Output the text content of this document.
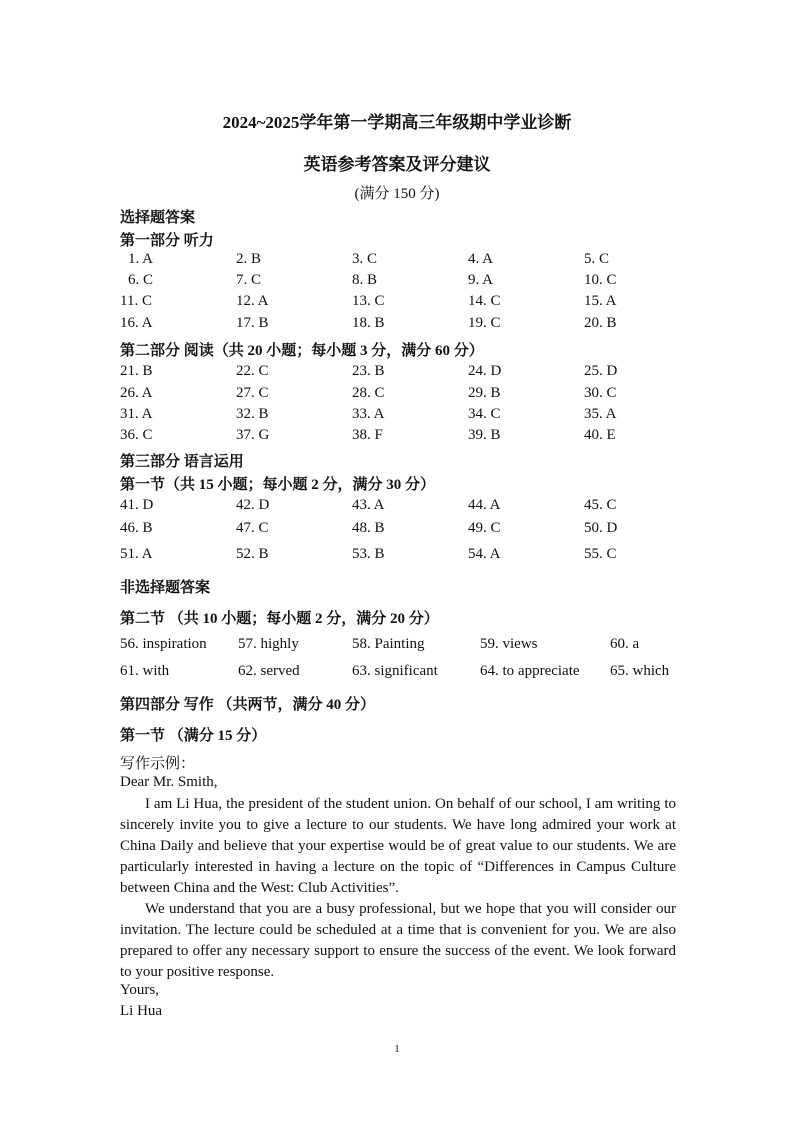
2024~2025学年第一学期高三年级期中学业诊断
英语参考答案及评分建议
(满分 150 分)
选择题答案
第一部分 听力
1. A	2. B	3. C	4. A	5. C
6. C	7. C	8. B	9. A	10. C
11. C	12. A	13. C	14. C	15. A
16. A	17. B	18. B	19. C	20. B
第二部分 阅读（共 20 小题；每小题 3 分，满分 60 分）
21. B	22. C	23. B	24. D	25. D
26. A	27. C	28. C	29. B	30. C
31. A	32. B	33. A	34. C	35. A
36. C	37. G	38. F	39. B	40. E
第三部分 语言运用
第一节（共 15 小题；每小题 2 分，满分 30 分）
41. D	42. D	43. A	44. A	45. C
46. B	47. C	48. B	49. C	50. D
51. A	52. B	53. B	54. A	55. C
非选择题答案
第二节 （共 10 小题；每小题 2 分，满分 20 分）
56. inspiration 57. highly	58. Painting	59. views	60. a
61. with	62. served	63. significant	64. to appreciate 65. which
第四部分 写作 （共两节，满分 40 分）
第一节 （满分 15 分）
写作示例：
Dear Mr. Smith,

I am Li Hua, the president of the student union. On behalf of our school, I am writing to sincerely invite you to give a lecture to our students. We have long admired your work at China Daily and believe that your expertise would be of great value to our students. We are particularly interested in having a lecture on the topic of “Differences in Campus Culture between China and the West: Club Activities”.

We understand that you are a busy professional, but we hope that you will consider our invitation. The lecture could be scheduled at a time that is convenient for you. We are also prepared to offer any necessary support to ensure the success of the event. We look forward to your positive response.

Yours,
Li Hua
1
